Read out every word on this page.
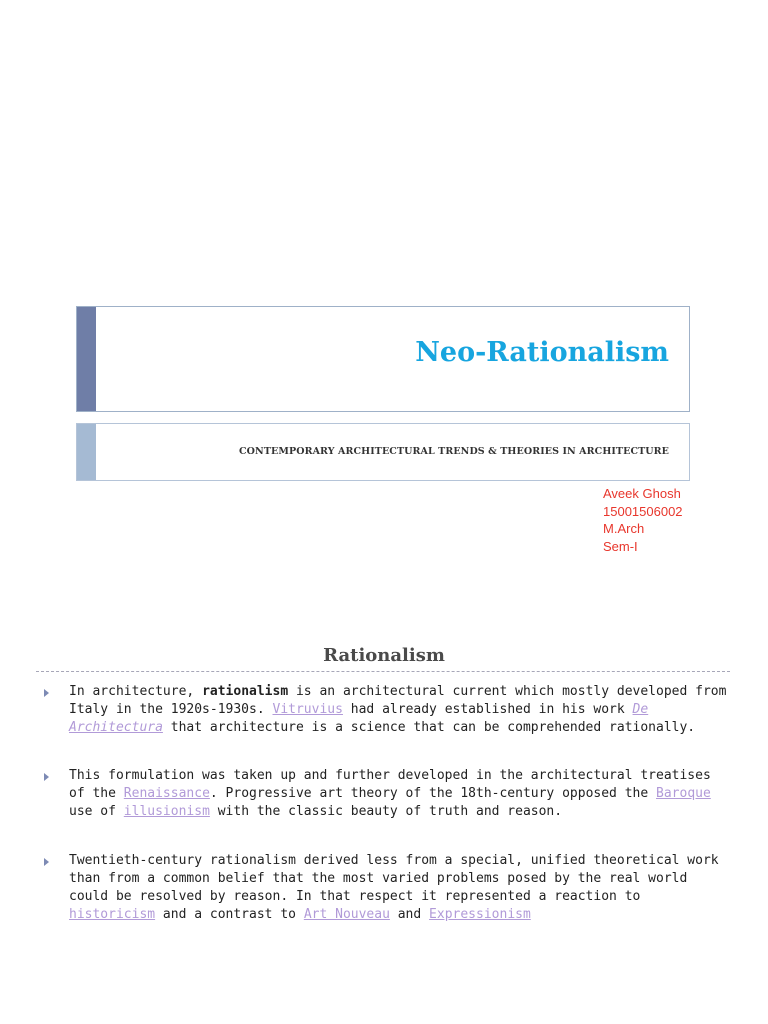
Neo-Rationalism
CONTEMPORARY ARCHITECTURAL TRENDS & THEORIES IN ARCHITECTURE
Aveek Ghosh
15001506002
M.Arch
Sem-I
Rationalism
In architecture, rationalism is an architectural current which mostly developed from Italy in the 1920s-1930s. Vitruvius had already established in his work De Architectura that architecture is a science that can be comprehended rationally.
This formulation was taken up and further developed in the architectural treatises of the Renaissance. Progressive art theory of the 18th-century opposed the Baroque use of illusionism with the classic beauty of truth and reason.
Twentieth-century rationalism derived less from a special, unified theoretical work than from a common belief that the most varied problems posed by the real world could be resolved by reason. In that respect it represented a reaction to historicism and a contrast to Art Nouveau and Expressionism
